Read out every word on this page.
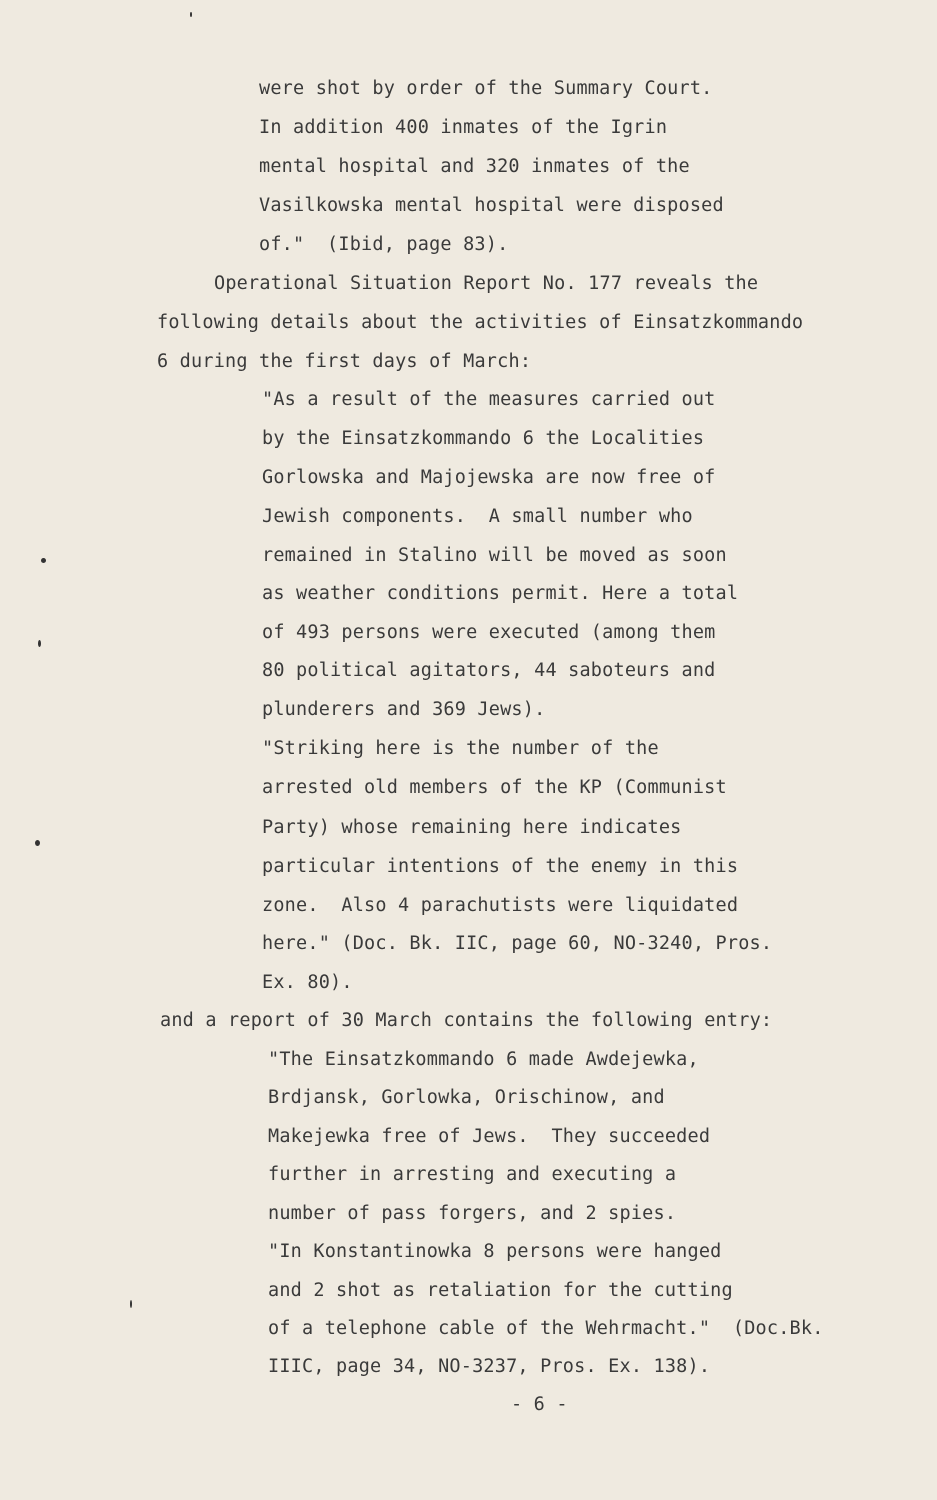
were shot by order of the Summary Court.
In addition 400 inmates of the Igrin
mental hospital and 320 inmates of the
Vasilkowska mental hospital were disposed
of."  (Ibid, page 83).
Operational Situation Report No. 177 reveals the
following details about the activities of Einsatzkommando
6 during the first days of March:
"As a result of the measures carried out
by the Einsatzkommando 6 the Localities
Gorlowska and Majojewska are now free of
Jewish components.  A small number who
remained in Stalino will be moved as soon
as weather conditions permit. Here a total
of 493 persons were executed (among them
80 political agitators, 44 saboteurs and
plunderers and 369 Jews).
"Striking here is the number of the
arrested old members of the KP (Communist
Party) whose remaining here indicates
particular intentions of the enemy in this
zone.  Also 4 parachutists were liquidated
here." (Doc. Bk. IIC, page 60, NO-3240, Pros.
Ex. 80).
and a report of 30 March contains the following entry:
"The Einsatzkommando 6 made Awdejewka,
Brdjansk, Gorlowka, Orischinow, and
Makejewka free of Jews.  They succeeded
further in arresting and executing a
number of pass forgers, and 2 spies.
"In Konstantinowka 8 persons were hanged
and 2 shot as retaliation for the cutting
of a telephone cable of the Wehrmacht."  (Doc.Bk.
IIIC, page 34, NO-3237, Pros. Ex. 138).
- 6 -
